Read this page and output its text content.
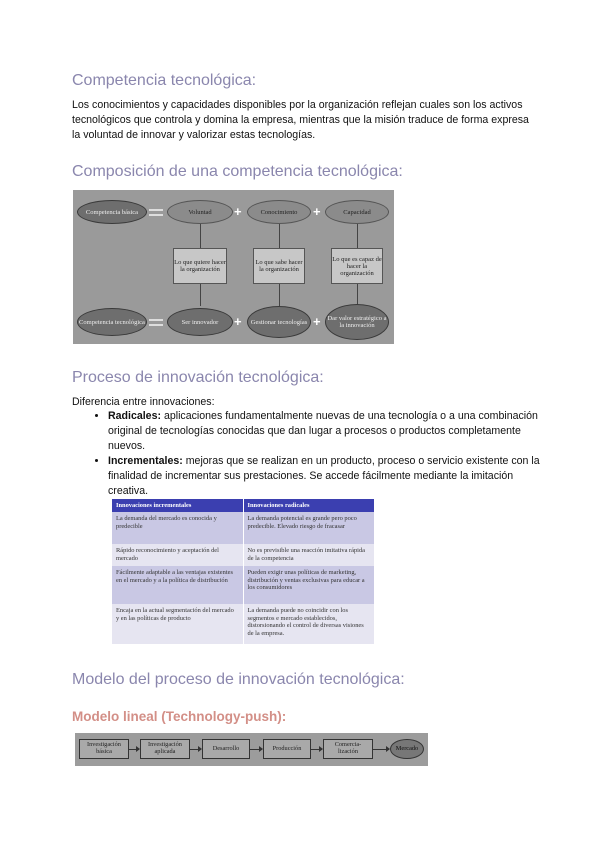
Competencia tecnológica:

Los conocimientos y capacidades disponibles por la organización reflejan cuales son los activos tecnológicos que controla y domina la empresa, mientras que la misión traduce de forma expresa la voluntad de innovar y valorizar estas tecnologías.

Composición de una competencia tecnológica:
Competencia básica	Voluntad	+	Conocimiento	+	Capacidad
Lo que quiere hacer la organización
Lo que sabe hacer la organización
Lo que es capaz de hacer la organización
Competencia tecnológica	Ser innovador	+	Gestionar tecnologías +	Dar valor estratégico a la innovación
Proceso de innovación tecnológica:

Diferencia entre innovaciones:

• Radicales: aplicaciones fundamentalmente nuevas de una tecnología o a una combinación original de tecnologías conocidas que dan lugar a procesos o productos completamente nuevos.
• Incrementales: mejoras que se realizan en un producto, proceso o servicio existente con la finalidad de incrementar sus prestaciones. Se accede fácilmente mediante la imitación creativa.
Innovaciones incrementales	Innovaciones radicales
La demanda del mercado es conocida y predecible	La demanda potencial es grande pero poco predecible. Elevado riesgo de fracasar
Rápido reconocimiento y aceptación del mercado	No es previsible una reacción imitativa rápida de la competencia
Fácilmente adaptable a las ventajas existentes en el mercado y a la política de distribución	Pueden exigir unas políticas de marketing, distribución y ventas exclusivas para educar a los consumidores
Encaja en la actual segmentación del mercado y en las políticas de producto	La demanda puede no coincidir con los segmentos e mercado establecidos, distorsionando el control de diversas visiones de la empresa.
Modelo del proceso de innovación tecnológica:
Modelo lineal (Technology-push):
Investigación básica
Investigación aplicada	Desarrollo	Producción	Comercia- lización	Mercado
